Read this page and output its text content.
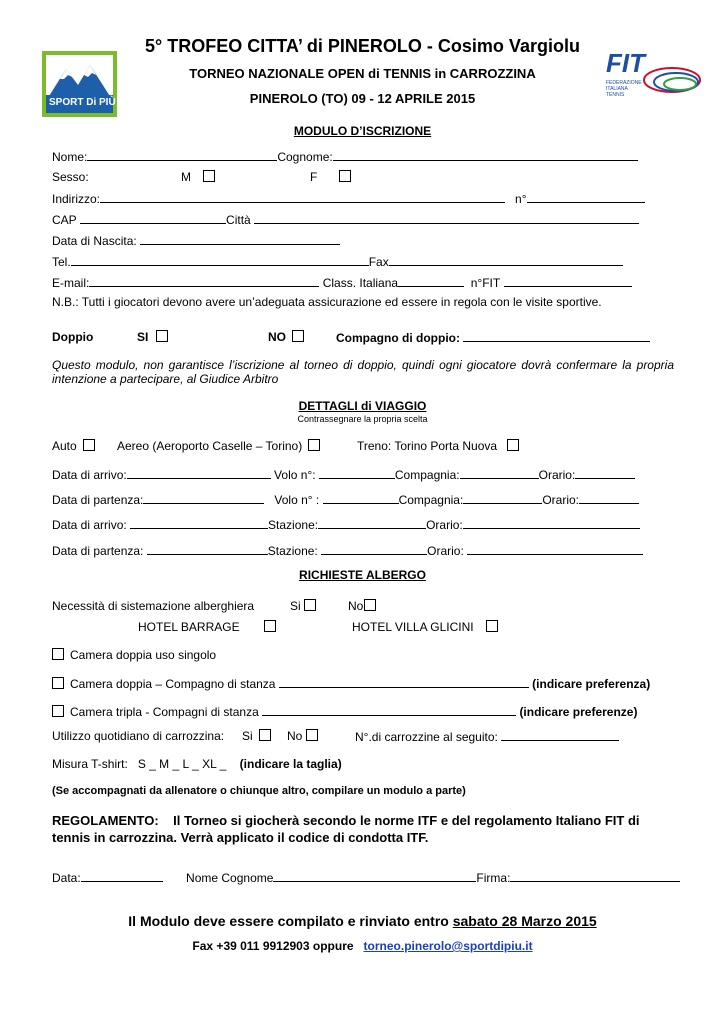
SPORT Di PIÙ
FIT
FEDERAZIONE ITALIANA TENNIS
5° TROFEO CITTA’ di PINEROLO - Cosimo Vargiolu
TORNEO NAZIONALE OPEN di TENNIS in CARROZZINA
PINEROLO (TO) 09 - 12 APRILE 2015
MODULO D’ISCRIZIONE
Nome:	Cognome:
Sesso:	M	F
Indirizzo:	n°
CAP	Città
Data di Nascita:
Tel.	Fax
E-mail:	Class. Italiana	n°FIT
N.B.: Tutti i giocatori devono avere un’adeguata assicurazione ed essere in regola con le visite sportive.
Doppio	SI	NO	Compagno di doppio:
Questo modulo, non garantisce l’iscrizione al torneo di doppio, quindi ogni giocatore dovrà confermare la propria intenzione a partecipare, al Giudice Arbitro
DETTAGLI di VIAGGIO
Contrassegnare la propria scelta
Auto	Aereo (Aeroporto Caselle – Torino)	Treno: Torino Porta Nuova
Data di arrivo:	Volo n°:	Compagnia:	Orario:
Data di partenza:	Volo n° :	Compagnia:	Orario:
Data di arrivo:	Stazione:	Orario:
Data di partenza:	Stazione:	Orario:
RICHIESTE ALBERGO
Necessità di sistemazione alberghiera	Si	No
HOTEL BARRAGE	HOTEL VILLA GLICINI
Camera doppia uso singolo
Camera doppia – Compagno di stanza	(indicare preferenza)
Camera tripla - Compagni di stanza	(indicare preferenze)
Utilizzo quotidiano di carrozzina: Si	No	N°.di carrozzine al seguito:
Misura T-shirt: S _ M _ L _ XL _ (indicare la taglia)
(Se accompagnati da allenatore o chiunque altro, compilare un modulo a parte)
REGOLAMENTO: Il Torneo si giocherà secondo le norme ITF e del regolamento Italiano FIT di
tennis in carrozzina. Verrà applicato il codice di condotta ITF.
Data:	Nome Cognome	Firma:
Il Modulo deve essere compilato e rinviato entro sabato 28 Marzo 2015
Fax +39 011 9912903 oppure torneo.pinerolo@sportdipiu.it
